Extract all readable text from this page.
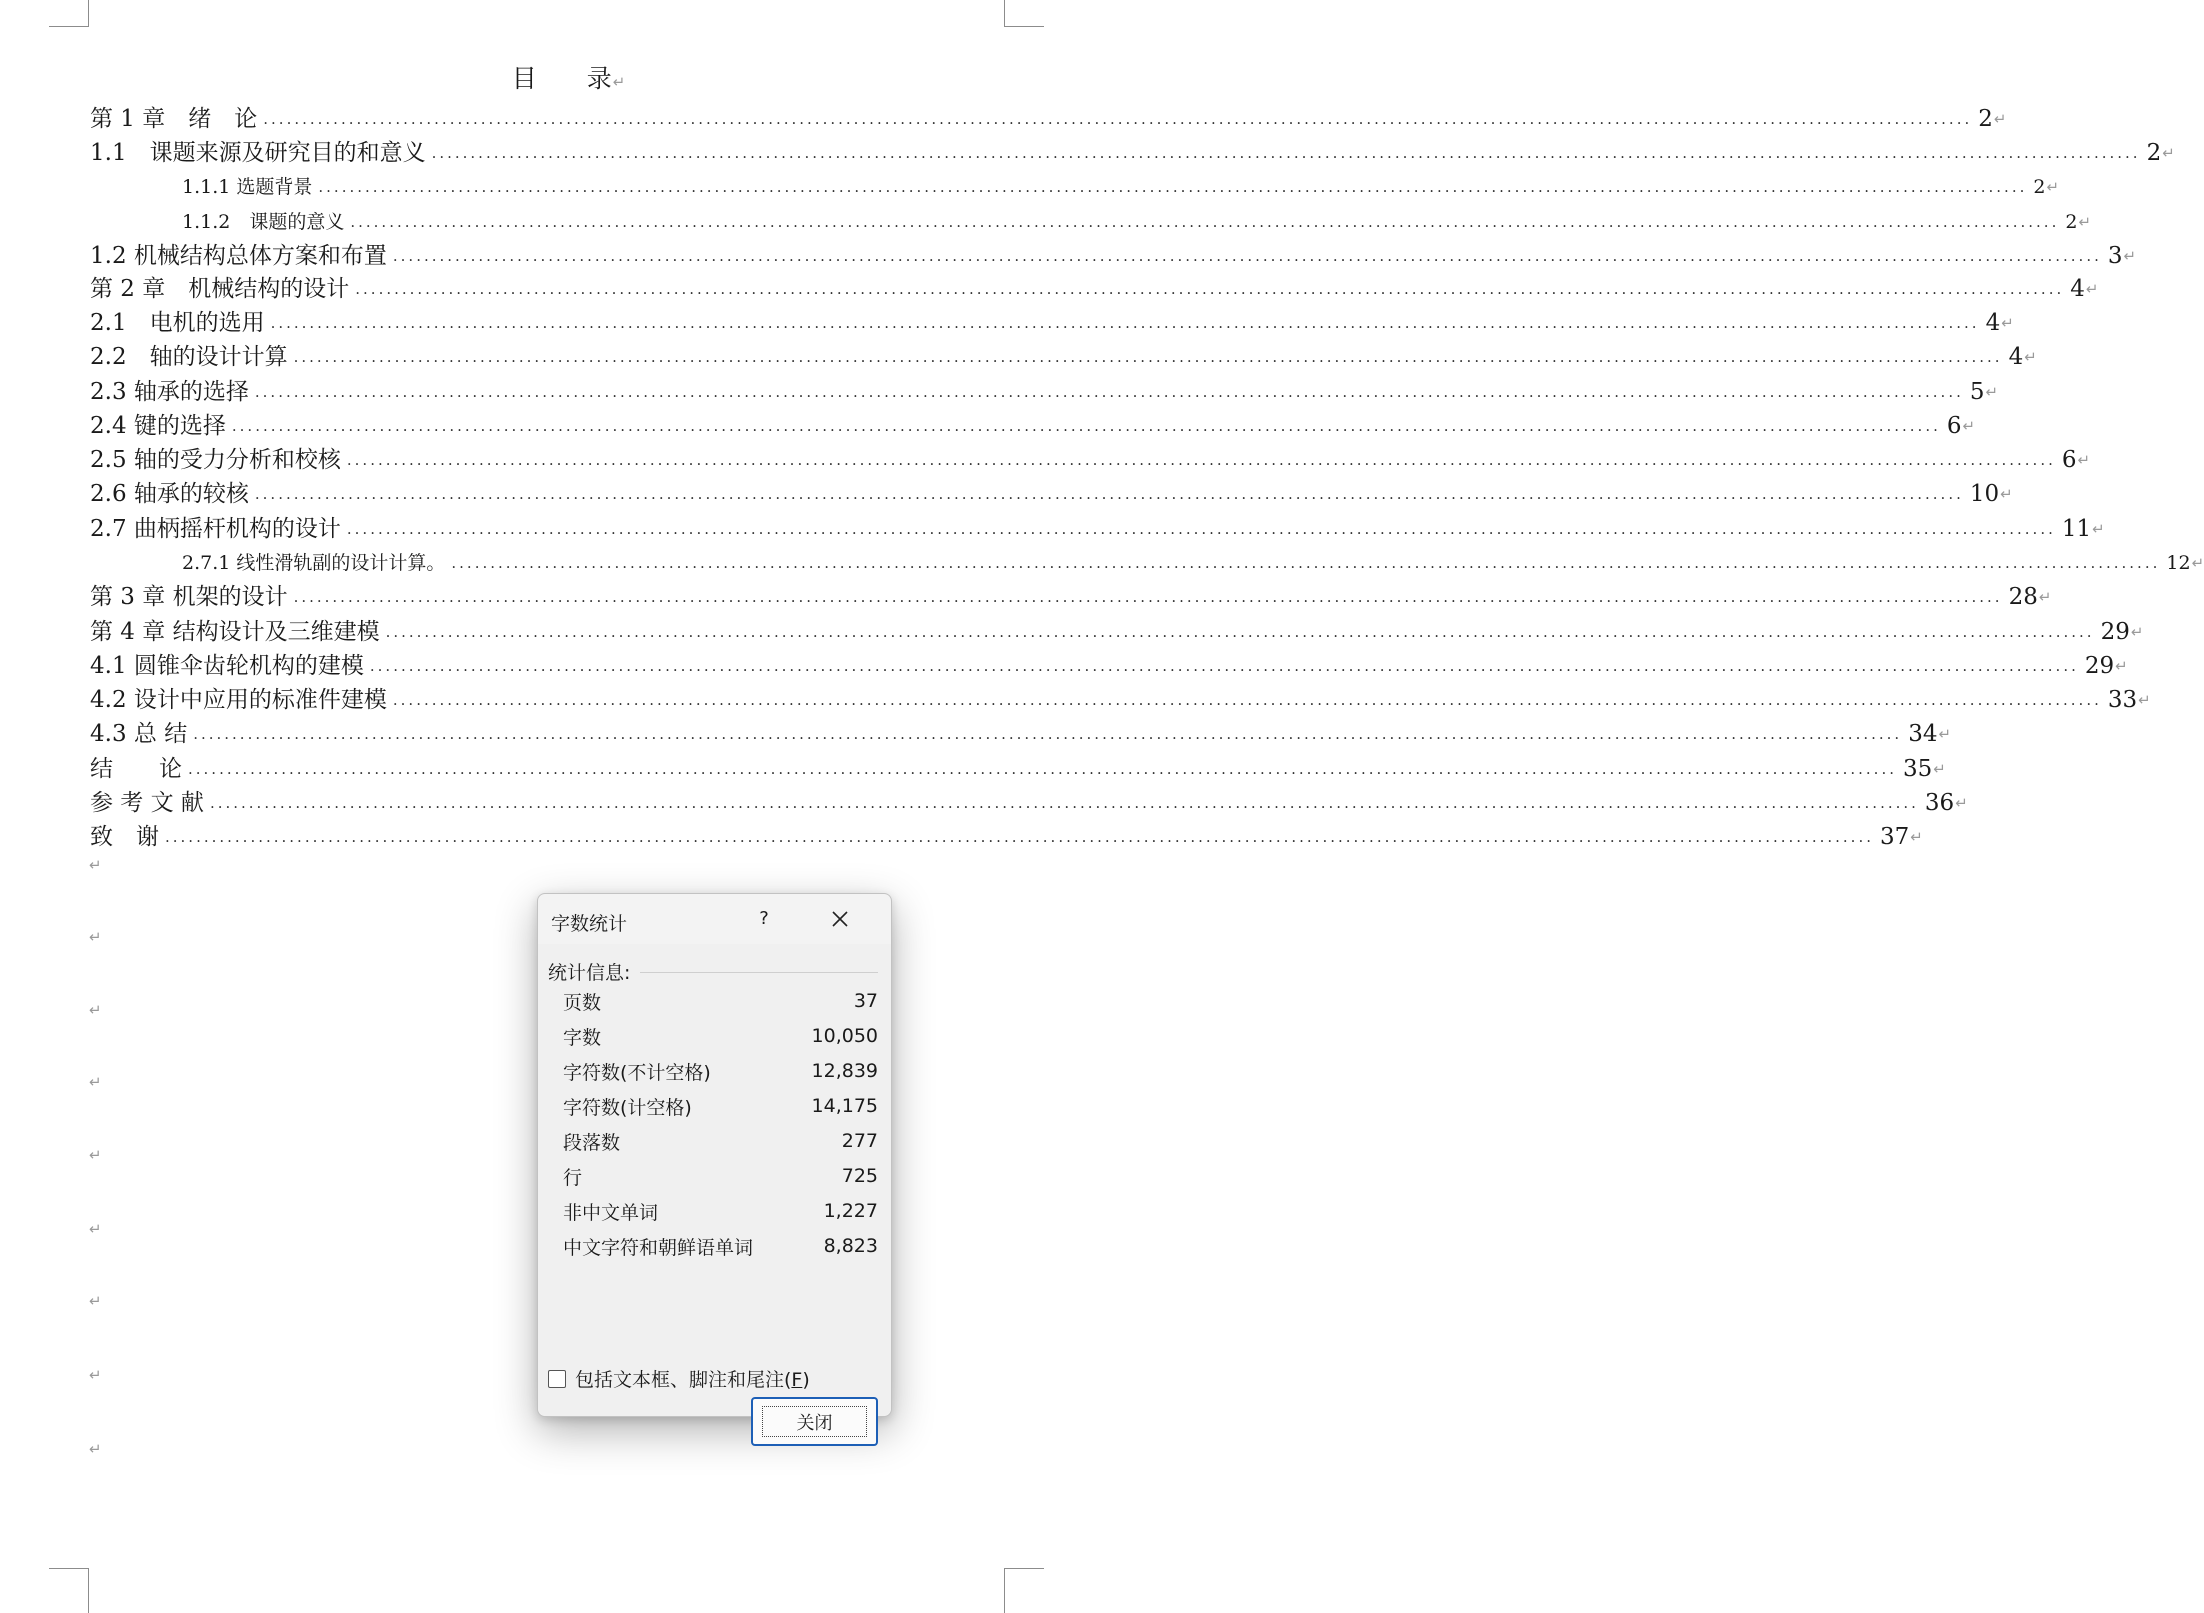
目　　录↵
第 1 章　绪　论 ............................................................................................................................................................................................................................ 2 ↵
1.1　课题来源及研究目的和意义 ............................................................................................................................................................................................................................ 2 ↵
1.1.1 选题背景 ............................................................................................................................................................................................................................ 2 ↵
1.1.2　课题的意义 ............................................................................................................................................................................................................................ 2 ↵
1.2 机械结构总体方案和布置 ............................................................................................................................................................................................................................ 3 ↵
第 2 章　机械结构的设计 ............................................................................................................................................................................................................................ 4 ↵
2.1　电机的选用 ............................................................................................................................................................................................................................ 4 ↵
2.2　轴的设计计算 ............................................................................................................................................................................................................................ 4 ↵
2.3 轴承的选择 ............................................................................................................................................................................................................................ 5 ↵
2.4 键的选择 ............................................................................................................................................................................................................................ 6 ↵
2.5 轴的受力分析和校核 ............................................................................................................................................................................................................................ 6 ↵
2.6 轴承的较核 ............................................................................................................................................................................................................................ 10 ↵
2.7 曲柄摇杆机构的设计 ............................................................................................................................................................................................................................ 11 ↵
2.7.1 线性滑轨副的设计计算。 ............................................................................................................................................................................................................................ 12 ↵
第 3 章 机架的设计 ............................................................................................................................................................................................................................ 28 ↵
第 4 章 结构设计及三维建模 ............................................................................................................................................................................................................................ 29 ↵
4.1 圆锥伞齿轮机构的建模 ............................................................................................................................................................................................................................ 29 ↵
4.2 设计中应用的标准件建模 ............................................................................................................................................................................................................................ 33 ↵
4.3 总 结 ............................................................................................................................................................................................................................ 34 ↵
结　　论 ............................................................................................................................................................................................................................ 35 ↵
参 考 文 献 ............................................................................................................................................................................................................................ 36 ↵
致　谢 ............................................................................................................................................................................................................................ 37 ↵
↵
↵
↵
↵
↵
↵
↵
↵
↵
字数统计	?
统计信息:
页数	37
字数	10,050
字符数(不计空格)	12,839
字符数(计空格)	14,175
段落数	277
行	725
非中文单词	1,227
中文字符和朝鲜语单词	8,823
包括文本框、脚注和尾注(F)
关闭
